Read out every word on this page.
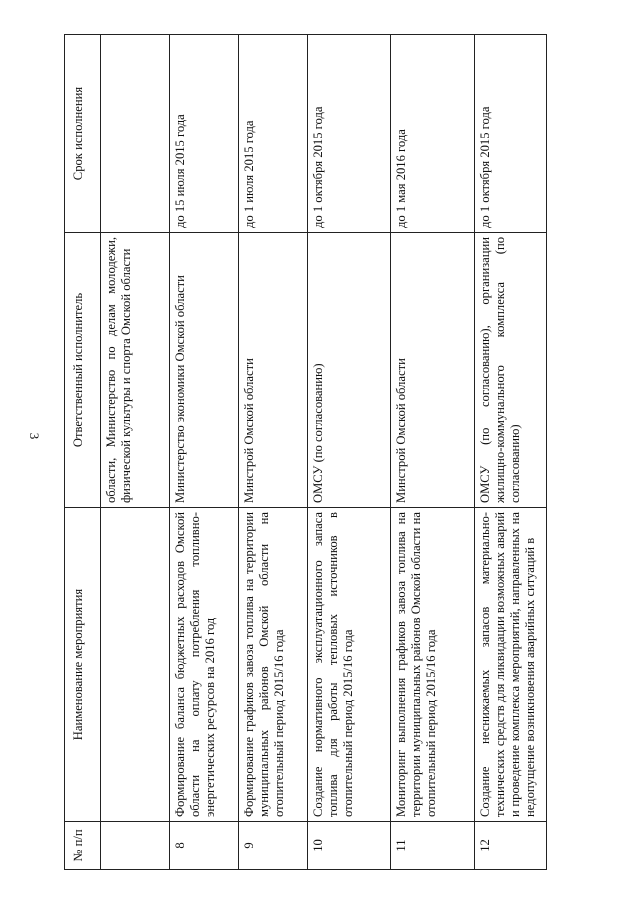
3
№ п/п	Наименование мероприятия	Ответственный исполнитель	Срок исполнения
		области, Министерство по делам молодежи, физической культуры и спорта Омской области	
8	Формирование баланса бюджетных расходов Омской области на оплату потребления топливно-энергетических ресурсов на 2016 год	Министерство экономики Омской области	до 15 июля 2015 года
9	Формирование графиков завоза топлива на территории муниципальных районов Омской области на отопительный период 2015/16 года	Минстрой Омской области	до 1 июля 2015 года
10	Создание нормативного эксплуатационного запаса топлива для работы тепловых источников в отопительный период 2015/16 года	ОМСУ (по согласованию)	до 1 октября 2015 года
11	Мониторинг выполнения графиков завоза топлива на территории муниципальных районов Омской области на отопительный период 2015/16 года	Минстрой Омской области	до 1 мая 2016 года
12	Создание неснижаемых запасов материально-технических средств для ликвидации возможных аварий и проведение комплекса мероприятий, направленных на недопущение возникновения аварийных ситуаций в	ОМСУ (по согласованию), организации жилищно-коммунального комплекса (по согласованию)	до 1 октября 2015 года
